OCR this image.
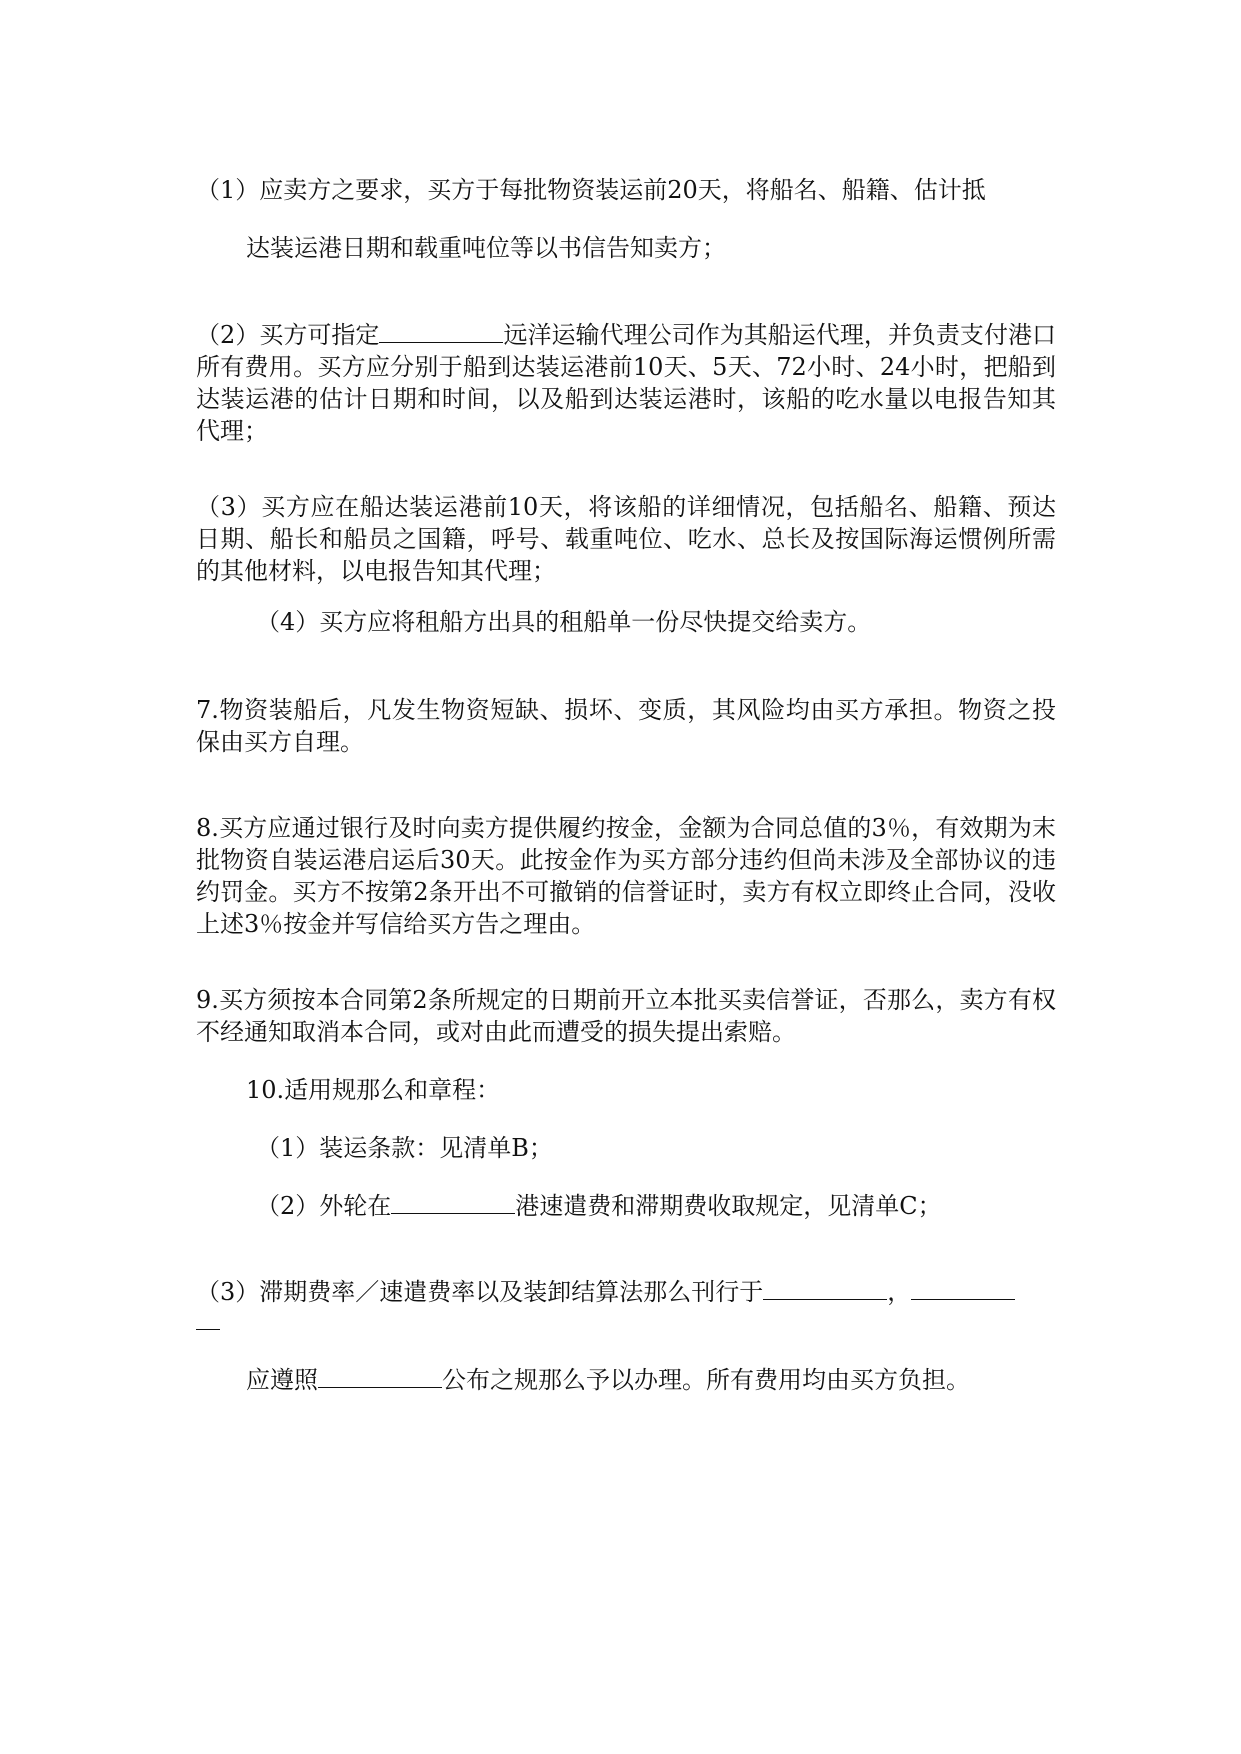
（1）应卖方之要求，买方于每批物资装运前20天，将船名、船籍、估计抵

达装运港日期和载重吨位等以书信告知卖方；

（2）买方可指定	远洋运输代理公司作为其船运代理，并负责支付港口所有费用。买方应分别于船到达装运港前10天、5天、72小时、24小时，把船到达装运港的估计日期和时间，以及船到达装运港时，该船的吃水量以电报告知其代理；

（3）买方应在船达装运港前10天，将该船的详细情况，包括船名、船籍、预达日期、船长和船员之国籍，呼号、载重吨位、吃水、总长及按国际海运惯例所需的其他材料，以电报告知其代理；

（4）买方应将租船方出具的租船单一份尽快提交给卖方。

7.物资装船后，凡发生物资短缺、损坏、变质，其风险均由买方承担。物资之投保由买方自理。

8.买方应通过银行及时向卖方提供履约按金，金额为合同总值的3％，有效期为末批物资自装运港启运后30天。此按金作为买方部分违约但尚未涉及全部协议的违约罚金。买方不按第2条开出不可撤销的信誉证时，卖方有权立即终止合同，没收上述3％按金并写信给买方告之理由。

9.买方须按本合同第2条所规定的日期前开立本批买卖信誉证，否那么，卖方有权不经通知取消本合同，或对由此而遭受的损失提出索赔。

10.适用规那么和章程：

（1）装运条款：见清单B；

（2）外轮在	港速遣费和滞期费收取规定，见清单C；

（3）滞期费率／速遣费率以及装卸结算法那么刊行于	，

应遵照	公布之规那么予以办理。所有费用均由买方负担。
